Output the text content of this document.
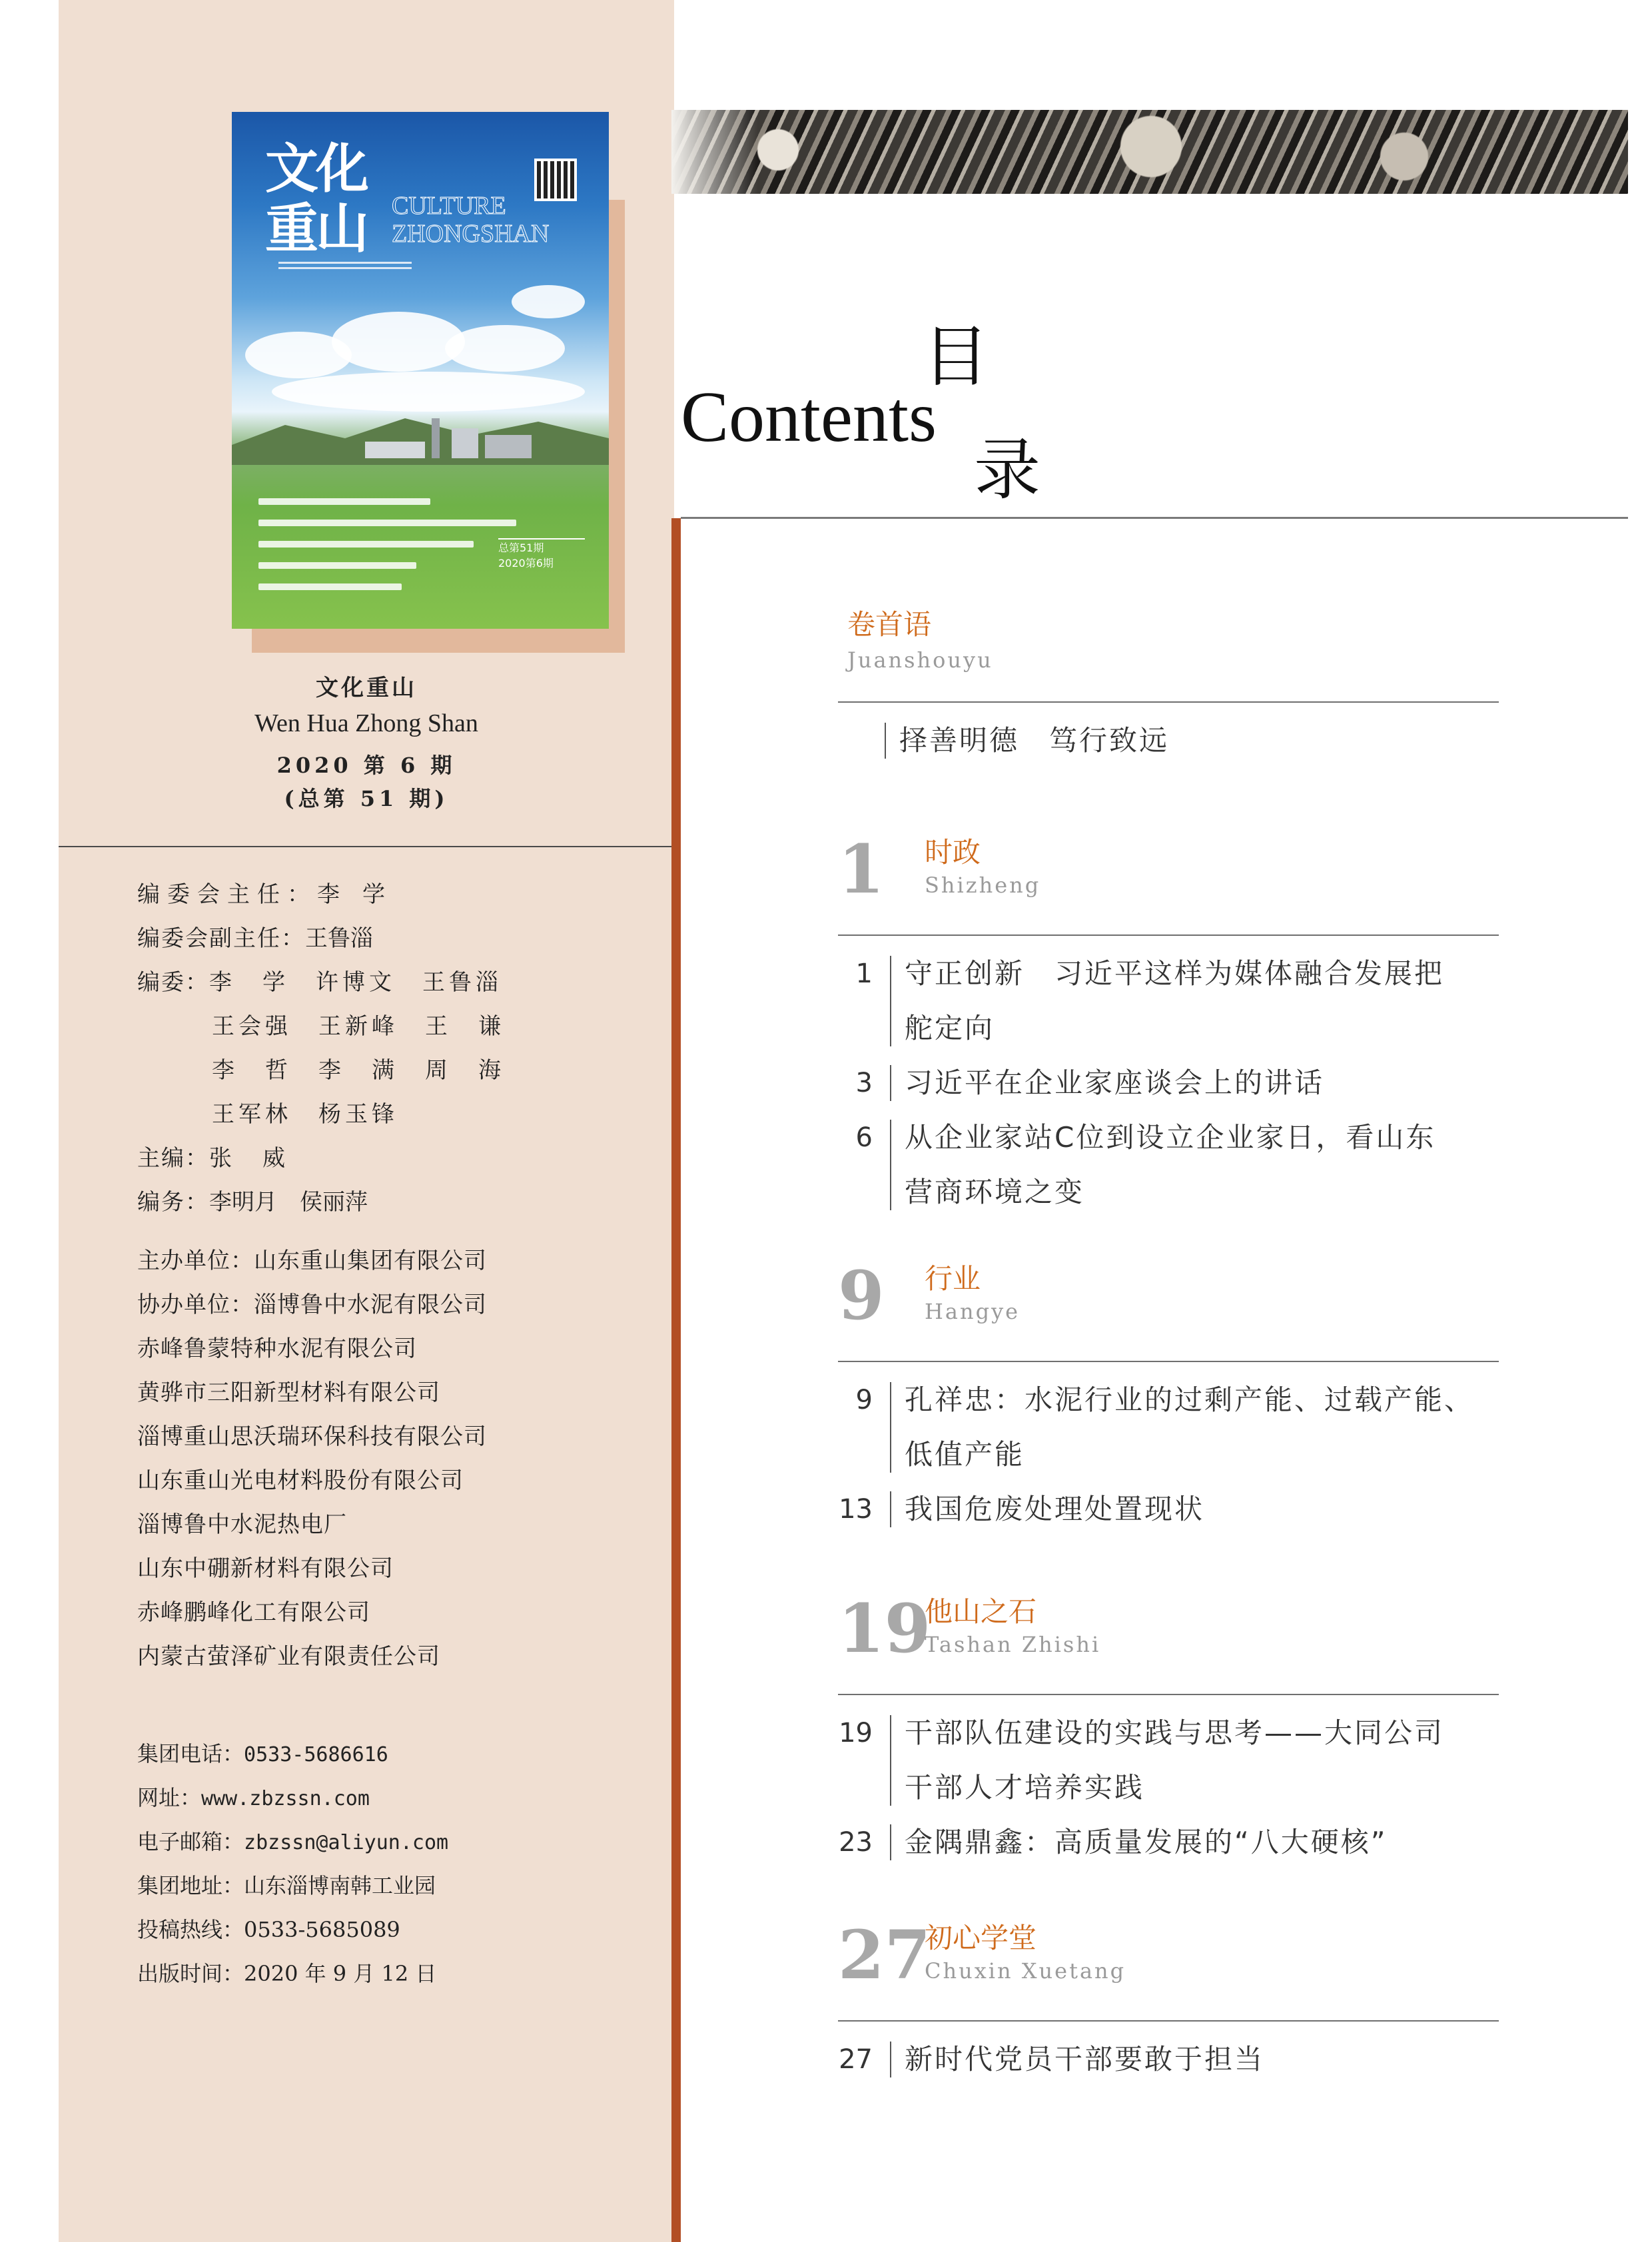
文化重山	CULTURE
ZHONGSHAN
总第51期
2020第6期
文化重山
Wen Hua Zhong Shan
2020 第 6 期
(总第 51 期)
编委会主任：李　学
编委会副主任：王鲁淄
编委：李　学 许博文 王鲁淄
王会强 王新峰 王　谦
李　哲 李　满 周　海
王军林 杨玉锋
主编：张　威
编务：李明月　侯丽萍
主办单位：山东重山集团有限公司
协办单位：淄博鲁中水泥有限公司
赤峰鲁蒙特种水泥有限公司
黄骅市三阳新型材料有限公司
淄博重山思沃瑞环保科技有限公司
山东重山光电材料股份有限公司
淄博鲁中水泥热电厂
山东中硼新材料有限公司
赤峰鹏峰化工有限公司
内蒙古萤泽矿业有限责任公司
集团电话：0533-5686616
网址：www.zbzssn.com
电子邮箱：zbzssn@aliyun.com
集团地址：山东淄博南韩工业园
投稿热线：0533-5685089
出版时间：2020 年 9 月 12 日
Contents
目
录
卷首语
Juanshouyu
择善明德　笃行致远
1 时政
Shizheng
1 守正创新　习近平这样为媒体融合发展把
舵定向
3 习近平在企业家座谈会上的讲话
6 从企业家站C位到设立企业家日，看山东
营商环境之变
9 行业
Hangye
9 孔祥忠：水泥行业的过剩产能、过载产能、
低值产能
13 我国危废处理处置现状
19
他山之石
Tashan Zhishi
19 干部队伍建设的实践与思考——大同公司
干部人才培养实践
23 金隅鼎鑫：高质量发展的“八大硬核”
27
初心学堂
Chuxin Xuetang
27 新时代党员干部要敢于担当
